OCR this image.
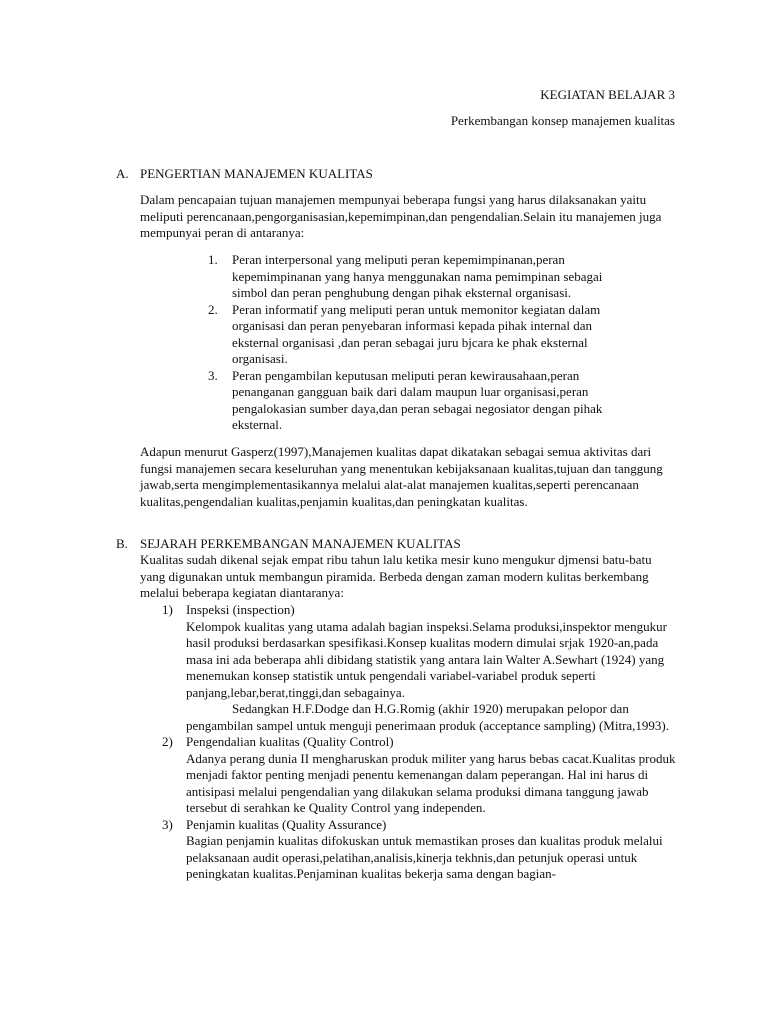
KEGIATAN BELAJAR 3

Perkembangan konsep manajemen kualitas

A. PENGERTIAN MANAJEMEN KUALITAS

Dalam pencapaian tujuan manajemen mempunyai beberapa fungsi yang harus dilaksanakan yaitu meliputi perencanaan,pengorganisasian,kepemimpinan,dan pengendalian.Selain itu manajemen juga mempunyai peran di antaranya:

1. Peran interpersonal yang meliputi peran kepemimpinanan,peran kepemimpinanan yang hanya menggunakan nama pemimpinan sebagai simbol dan peran penghubung dengan pihak eksternal organisasi.
2. Peran informatif yang meliputi peran untuk memonitor kegiatan dalam organisasi dan peran penyebaran informasi kepada pihak internal dan eksternal organisasi ,dan peran sebagai juru bjcara ke phak eksternal organisasi.
3. Peran pengambilan keputusan meliputi peran kewirausahaan,peran penanganan gangguan baik dari dalam maupun luar organisasi,peran pengalokasian sumber daya,dan peran sebagai negosiator dengan pihak eksternal.

Adapun menurut Gasperz(1997),Manajemen kualitas dapat dikatakan sebagai semua aktivitas dari fungsi manajemen secara keseluruhan yang menentukan kebijaksanaan kualitas,tujuan dan tanggung jawab,serta mengimplementasikannya melalui alat-alat manajemen kualitas,seperti perencanaan kualitas,pengendalian kualitas,penjamin kualitas,dan peningkatan kualitas.

B. SEJARAH PERKEMBANGAN MANAJEMEN KUALITAS

Kualitas sudah dikenal sejak empat ribu tahun lalu ketika mesir kuno mengukur djmensi batu-batu yang digunakan untuk membangun piramida. Berbeda dengan zaman modern kulitas berkembang melalui beberapa kegiatan diantaranya:

1) Inspeksi (inspection)
Kelompok kualitas yang utama adalah bagian inspeksi.Selama produksi,inspektor mengukur hasil produksi berdasarkan spesifikasi.Konsep kualitas modern dimulai srjak 1920-an,pada masa ini ada beberapa ahli dibidang statistik yang antara lain Walter A.Sewhart (1924) yang menemukan konsep statistik untuk pengendali variabel-variabel produk seperti panjang,lebar,berat,tinggi,dan sebagainya.
Sedangkan H.F.Dodge dan H.G.Romig (akhir 1920) merupakan pelopor dan pengambilan sampel untuk menguji penerimaan produk (acceptance sampling) (Mitra,1993).
2) Pengendalian kualitas (Quality Control)
Adanya perang dunia II mengharuskan produk militer yang harus bebas cacat.Kualitas produk menjadi faktor penting menjadi penentu kemenangan dalam peperangan. Hal ini harus di antisipasi melalui pengendalian yang dilakukan selama produksi dimana tanggung jawab tersebut di serahkan ke Quality Control yang independen.
3) Penjamin kualitas (Quality Assurance)
Bagian penjamin kualitas difokuskan untuk memastikan proses dan kualitas produk melalui pelaksanaan audit operasi,pelatihan,analisis,kinerja tekhnis,dan petunjuk operasi untuk peningkatan kualitas.Penjaminan kualitas bekerja sama dengan bagian-
